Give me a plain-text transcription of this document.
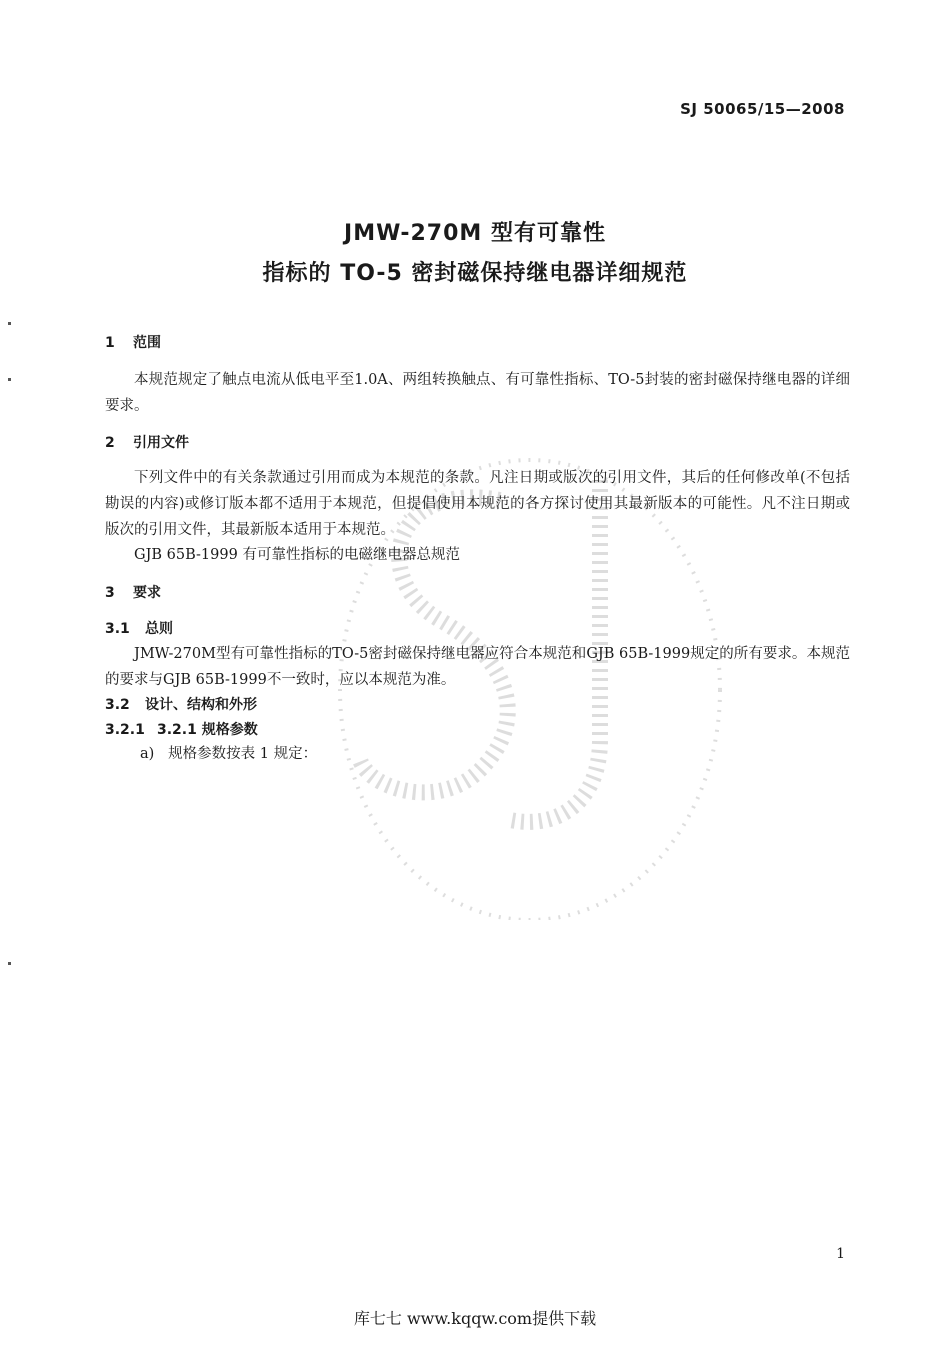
SJ 50065/15—2008
JMW-270M 型有可靠性
指标的 TO-5 密封磁保持继电器详细规范
1 范围
本规范规定了触点电流从低电平至1.0A、两组转换触点、有可靠性指标、TO-5封装的密封磁保持继电器的详细要求。
2 引用文件
下列文件中的有关条款通过引用而成为本规范的条款。凡注日期或版次的引用文件，其后的任何修改单(不包括勘误的内容)或修订版本都不适用于本规范，但提倡使用本规范的各方探讨使用其最新版本的可能性。凡不注日期或版次的引用文件，其最新版本适用于本规范。
GJB 65B-1999 有可靠性指标的电磁继电器总规范
3 要求
3.1 总则
JMW-270M型有可靠性指标的TO-5密封磁保持继电器应符合本规范和GJB 65B-1999规定的所有要求。本规范的要求与GJB 65B-1999不一致时，应以本规范为准。
3.2 设计、结构和外形
3.2.1 3.2.1 规格参数
a) 规格参数按表 1 规定：
1
库七七 www.kqqw.com提供下载
